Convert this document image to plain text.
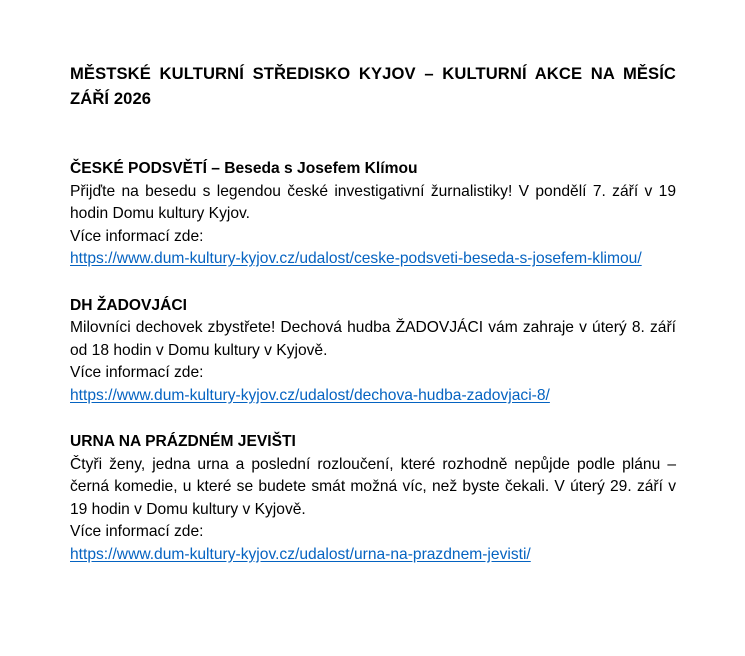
MĚSTSKÉ KULTURNÍ STŘEDISKO KYJOV – KULTURNÍ AKCE NA MĚSÍC ZÁŘÍ 2026

ČESKÉ PODSVĚTÍ – Beseda s Josefem Klímou

Přijďte na besedu s legendou české investigativní žurnalistiky! V pondělí 7. září v 19 hodin Domu kultury Kyjov.

Více informací zde:

https://www.dum-kultury-kyjov.cz/udalost/ceske-podsveti-beseda-s-josefem-klimou/

DH ŽADOVJÁCI

Milovníci dechovek zbystřete! Dechová hudba ŽADOVJÁCI vám zahraje v úterý 8. září od 18 hodin v Domu kultury v Kyjově.

Více informací zde:

https://www.dum-kultury-kyjov.cz/udalost/dechova-hudba-zadovjaci-8/

URNA NA PRÁZDNÉM JEVIŠTI

Čtyři ženy, jedna urna a poslední rozloučení, které rozhodně nepůjde podle plánu – černá komedie, u které se budete smát možná víc, než byste čekali. V úterý 29. září v 19 hodin v Domu kultury v Kyjově.

Více informací zde:

https://www.dum-kultury-kyjov.cz/udalost/urna-na-prazdnem-jevisti/
